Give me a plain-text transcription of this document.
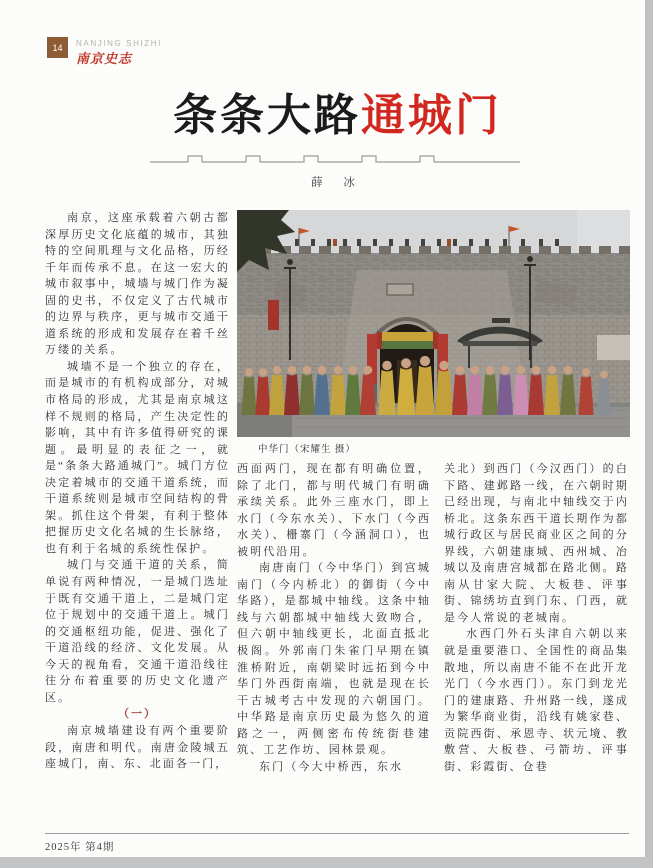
14 NANJING SHIZHI
南京史志
条条大路通城门
薛 冰

南京，这座承载着六朝古都深厚历史文化底蕴的城市，其独特的空间肌理与文化品格，历经千年而传承不息。在这一宏大的城市叙事中，城墙与城门作为凝固的史书，不仅定义了古代城市的边界与秩序，更与城市交通干道系统的形成和发展存在着千丝万缕的关系。

城墙不是一个独立的存在，而是城市的有机构成部分，对城市格局的形成，尤其是南京城这样不规则的格局，产生决定性的影响，其中有许多值得研究的课题。最明显的表征之一，就是“条条大路通城门”。城门方位决定着城市的交通干道系统，而干道系统则是城市空间结构的骨架。抓住这个骨架，有利于整体把握历史文化名城的生长脉络，也有利于名城的系统性保护。

城门与交通干道的关系，简单说有两种情况，一是城门选址于既有交通干道上，二是城门定位于规划中的交通干道上。城门的交通枢纽功能，促进、强化了干道沿线的经济、文化发展。从今天的视角看，交通干道沿线往往分布着重要的历史文化遗产区。

（一）

南京城墙建设有两个重要阶段，南唐和明代。南唐金陵城五座城门，南、东、北面各一门，

中华门（宋耀生 摄）

西面两门，现在都有明确位置，除了北门，都与明代城门有明确承续关系。此外三座水门，即上水门（今东水关）、下水门（今西水关）、栅寨门（今涵洞口），也被明代沿用。

南唐南门（今中华门）到宫城南门（今内桥北）的御街（今中华路），是都城中轴线。这条中轴线与六朝都城中轴线大致吻合，但六朝中轴线更长，北面直抵北极阁。外郭南门朱雀门早期在镇淮桥附近，南朝梁时远拓到今中华门外西街南端，也就是现在长干古城考古中发现的六朝国门。中华路是南京历史最为悠久的道路之一，两侧密布传统街巷建筑、工艺作坊、园林景观。

东门（今大中桥西，东水

关北）到西门（今汉西门）的白下路、建邺路一线，在六朝时期已经出现，与南北中轴线交于内桥北。这条东西干道长期作为都城行政区与居民商业区之间的分界线，六朝建康城、西州城、冶城以及南唐宫城都在路北侧。路南从甘家大院、大板巷、评事街、锦绣坊直到门东、门西，就是今人常说的老城南。

水西门外石头津自六朝以来就是重要港口、全国性的商品集散地，所以南唐不能不在此开龙光门（今水西门）。东门到龙光门的建康路、升州路一线，遂成为繁华商业街，沿线有姚家巷、贡院西街、承恩寺、状元境、教敷营、大板巷、弓箭坊、评事街、彩霞街、仓巷

2025年 第4期
